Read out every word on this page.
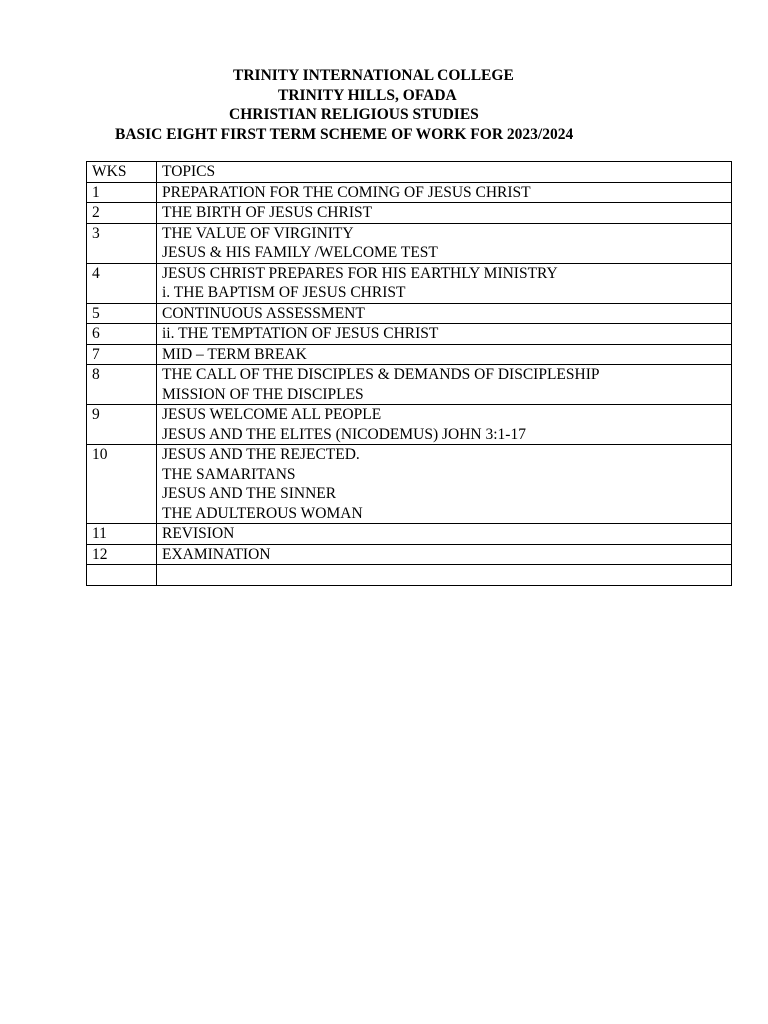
TRINITY INTERNATIONAL COLLEGE
TRINITY HILLS, OFADA
CHRISTIAN RELIGIOUS STUDIES
BASIC EIGHT FIRST TERM SCHEME OF WORK FOR 2023/2024
WKS	TOPICS
1	PREPARATION FOR THE COMING OF JESUS CHRIST

2	THE BIRTH OF JESUS CHRIST

3	THE VALUE OF VIRGINITY
JESUS & HIS FAMILY /WELCOME TEST

4	JESUS CHRIST PREPARES FOR HIS EARTHLY MINISTRY
i. THE BAPTISM OF JESUS CHRIST

5	CONTINUOUS ASSESSMENT

6	ii. THE TEMPTATION OF JESUS CHRIST

7	MID – TERM BREAK

8	THE CALL OF THE DISCIPLES & DEMANDS OF DISCIPLESHIP
MISSION OF THE DISCIPLES

9	JESUS WELCOME ALL PEOPLE
JESUS AND THE ELITES (NICODEMUS) JOHN 3:1-17

10	JESUS AND THE REJECTED.
THE SAMARITANS
JESUS AND THE SINNER
THE ADULTEROUS WOMAN

11	REVISION

12	EXAMINATION
